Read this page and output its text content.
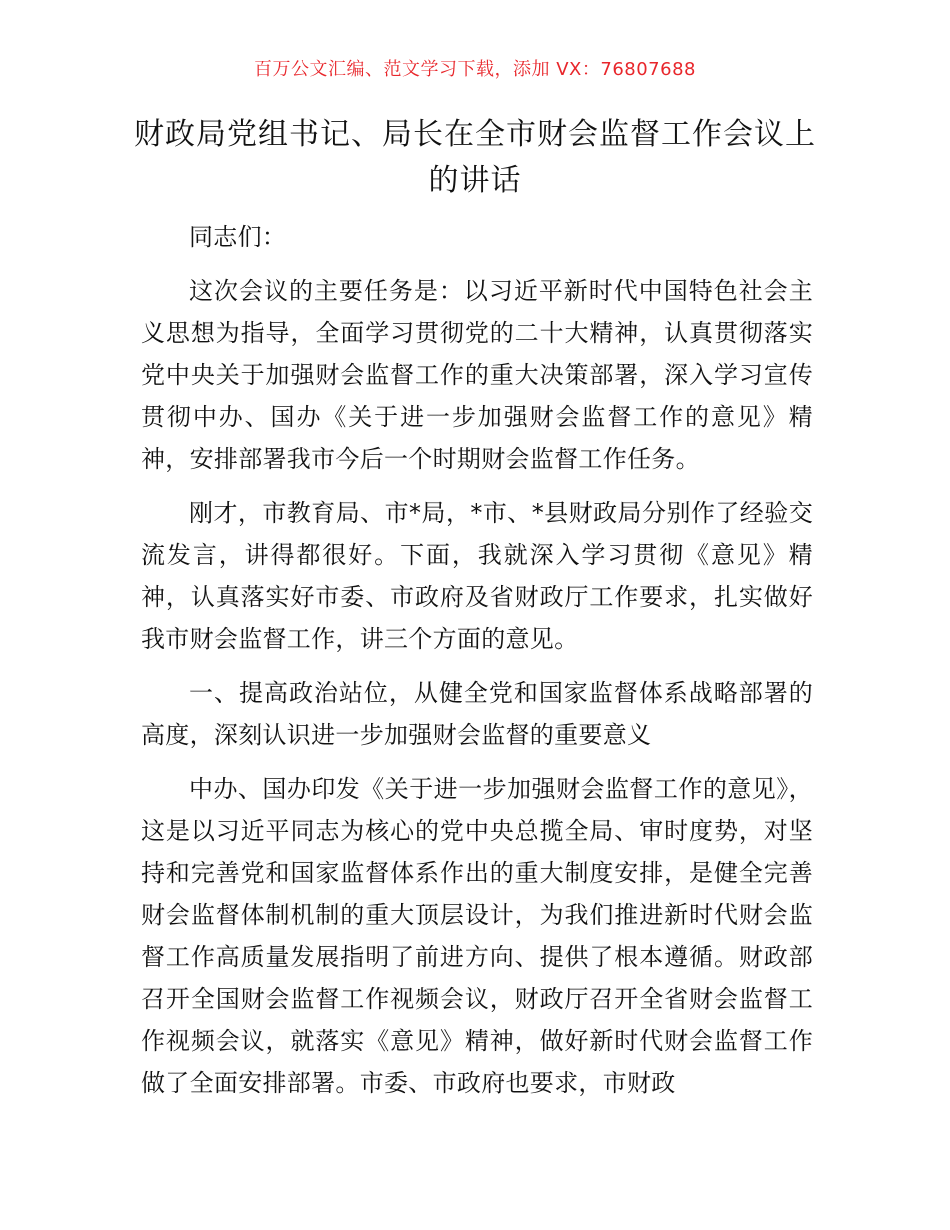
百万公文汇编、范文学习下载，添加 VX：76807688
财政局党组书记、局长在全市财会监督工作会议上的讲话

同志们：

这次会议的主要任务是：以习近平新时代中国特色社会主义思想为指导，全面学习贯彻党的二十大精神，认真贯彻落实党中央关于加强财会监督工作的重大决策部署，深入学习宣传贯彻中办、国办《关于进一步加强财会监督工作的意见》精神，安排部署我市今后一个时期财会监督工作任务。

刚才，市教育局、市*局，*市、*县财政局分别作了经验交流发言，讲得都很好。下面，我就深入学习贯彻《意见》精神，认真落实好市委、市政府及省财政厅工作要求，扎实做好我市财会监督工作，讲三个方面的意见。

一、提高政治站位，从健全党和国家监督体系战略部署的高度，深刻认识进一步加强财会监督的重要意义

中办、国办印发《关于进一步加强财会监督工作的意见》，这是以习近平同志为核心的党中央总揽全局、审时度势，对坚持和完善党和国家监督体系作出的重大制度安排，是健全完善财会监督体制机制的重大顶层设计，为我们推进新时代财会监督工作高质量发展指明了前进方向、提供了根本遵循。财政部召开全国财会监督工作视频会议，财政厅召开全省财会监督工作视频会议，就落实《意见》精神，做好新时代财会监督工作做了全面安排部署。市委、市政府也要求，市财政
